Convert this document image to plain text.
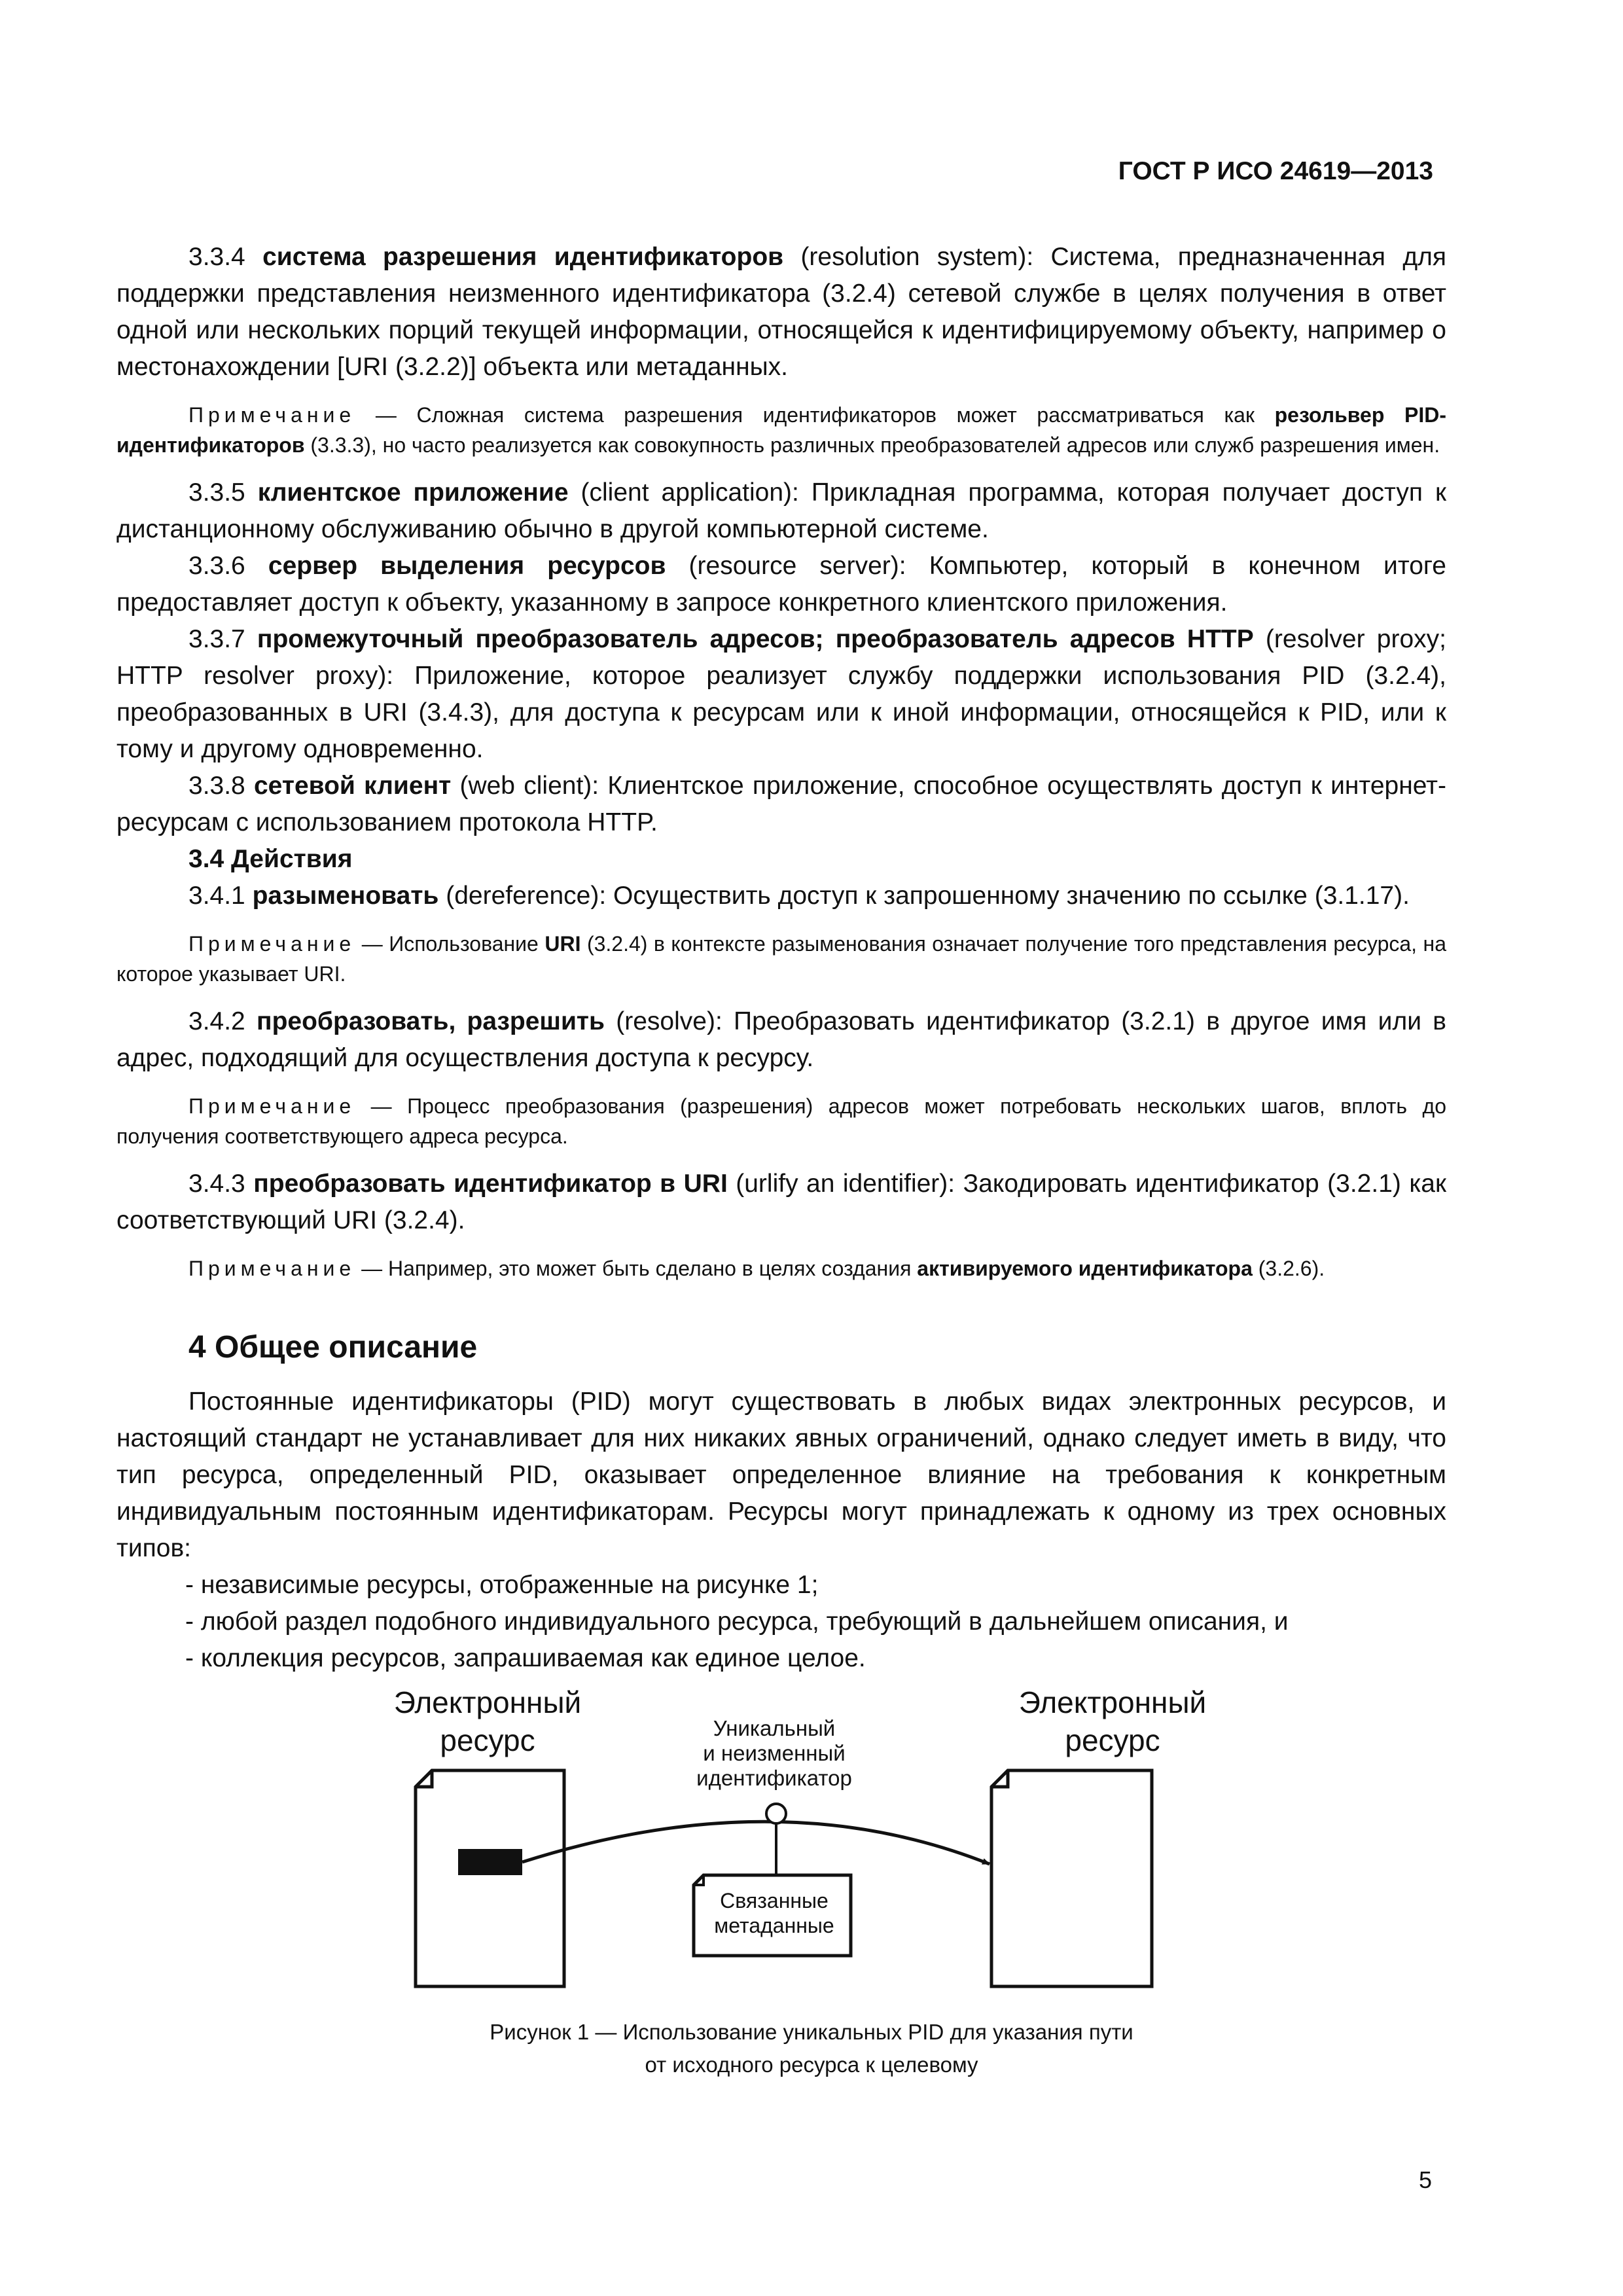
ГОСТ Р ИСО 24619—2013

3.3.4 система разрешения идентификаторов (resolution system): Система, предназначенная для поддержки представления неизменного идентификатора (3.2.4) сетевой службе в целях получения в ответ одной или нескольких порций текущей информации, относящейся к идентифицируемому объекту, например о местонахождении [URI (3.2.2)] объекта или метаданных.

Примечание — Сложная система разрешения идентификаторов может рассматриваться как резольвер PID-идентификаторов (3.3.3), но часто реализуется как совокупность различных преобразователей адресов или служб разрешения имен.

3.3.5 клиентское приложение (client application): Прикладная программа, которая получает доступ к дистанционному обслуживанию обычно в другой компьютерной системе.

3.3.6 сервер выделения ресурсов (resource server): Компьютер, который в конечном итоге предоставляет доступ к объекту, указанному в запросе конкретного клиентского приложения.

3.3.7 промежуточный преобразователь адресов; преобразователь адресов HTTP (resolver proxy; HTTP resolver proxy): Приложение, которое реализует службу поддержки использования PID (3.2.4), преобразованных в URI (3.4.3), для доступа к ресурсам или к иной информации, относящейся к PID, или к тому и другому одновременно.

3.3.8 сетевой клиент (web client): Клиентское приложение, способное осуществлять доступ к интернет-ресурсам с использованием протокола HTTP.

3.4 Действия

3.4.1 разыменовать (dereference): Осуществить доступ к запрошенному значению по ссылке (3.1.17).

Примечание — Использование URI (3.2.4) в контексте разыменования означает получение того представления ресурса, на которое указывает URI.

3.4.2 преобразовать, разрешить (resolve): Преобразовать идентификатор (3.2.1) в другое имя или в адрес, подходящий для осуществления доступа к ресурсу.

Примечание — Процесс преобразования (разрешения) адресов может потребовать нескольких шагов, вплоть до получения соответствующего адреса ресурса.

3.4.3 преобразовать идентификатор в URI (urlify an identifier): Закодировать идентификатор (3.2.1) как соответствующий URI (3.2.4).

Примечание — Например, это может быть сделано в целях создания активируемого идентификатора (3.2.6).

4 Общее описание

Постоянные идентификаторы (PID) могут существовать в любых видах электронных ресурсов, и настоящий стандарт не устанавливает для них никаких явных ограничений, однако следует иметь в виду, что тип ресурса, определенный PID, оказывает определенное влияние на требования к конкретным индивидуальным постоянным идентификаторам. Ресурсы могут принадлежать к одному из трех основных типов:

- независимые ресурсы, отображенные на рисунке 1;

- любой раздел подобного индивидуального ресурса, требующий в дальнейшем описания, и

- коллекция ресурсов, запрашиваемая как единое целое.

Электронный
ресурс
Электронный
ресурс
Уникальный
и неизменный
идентификатор
Связанные
метаданные
Рисунок 1 — Использование уникальных PID для указания пути
от исходного ресурса к целевому
5
